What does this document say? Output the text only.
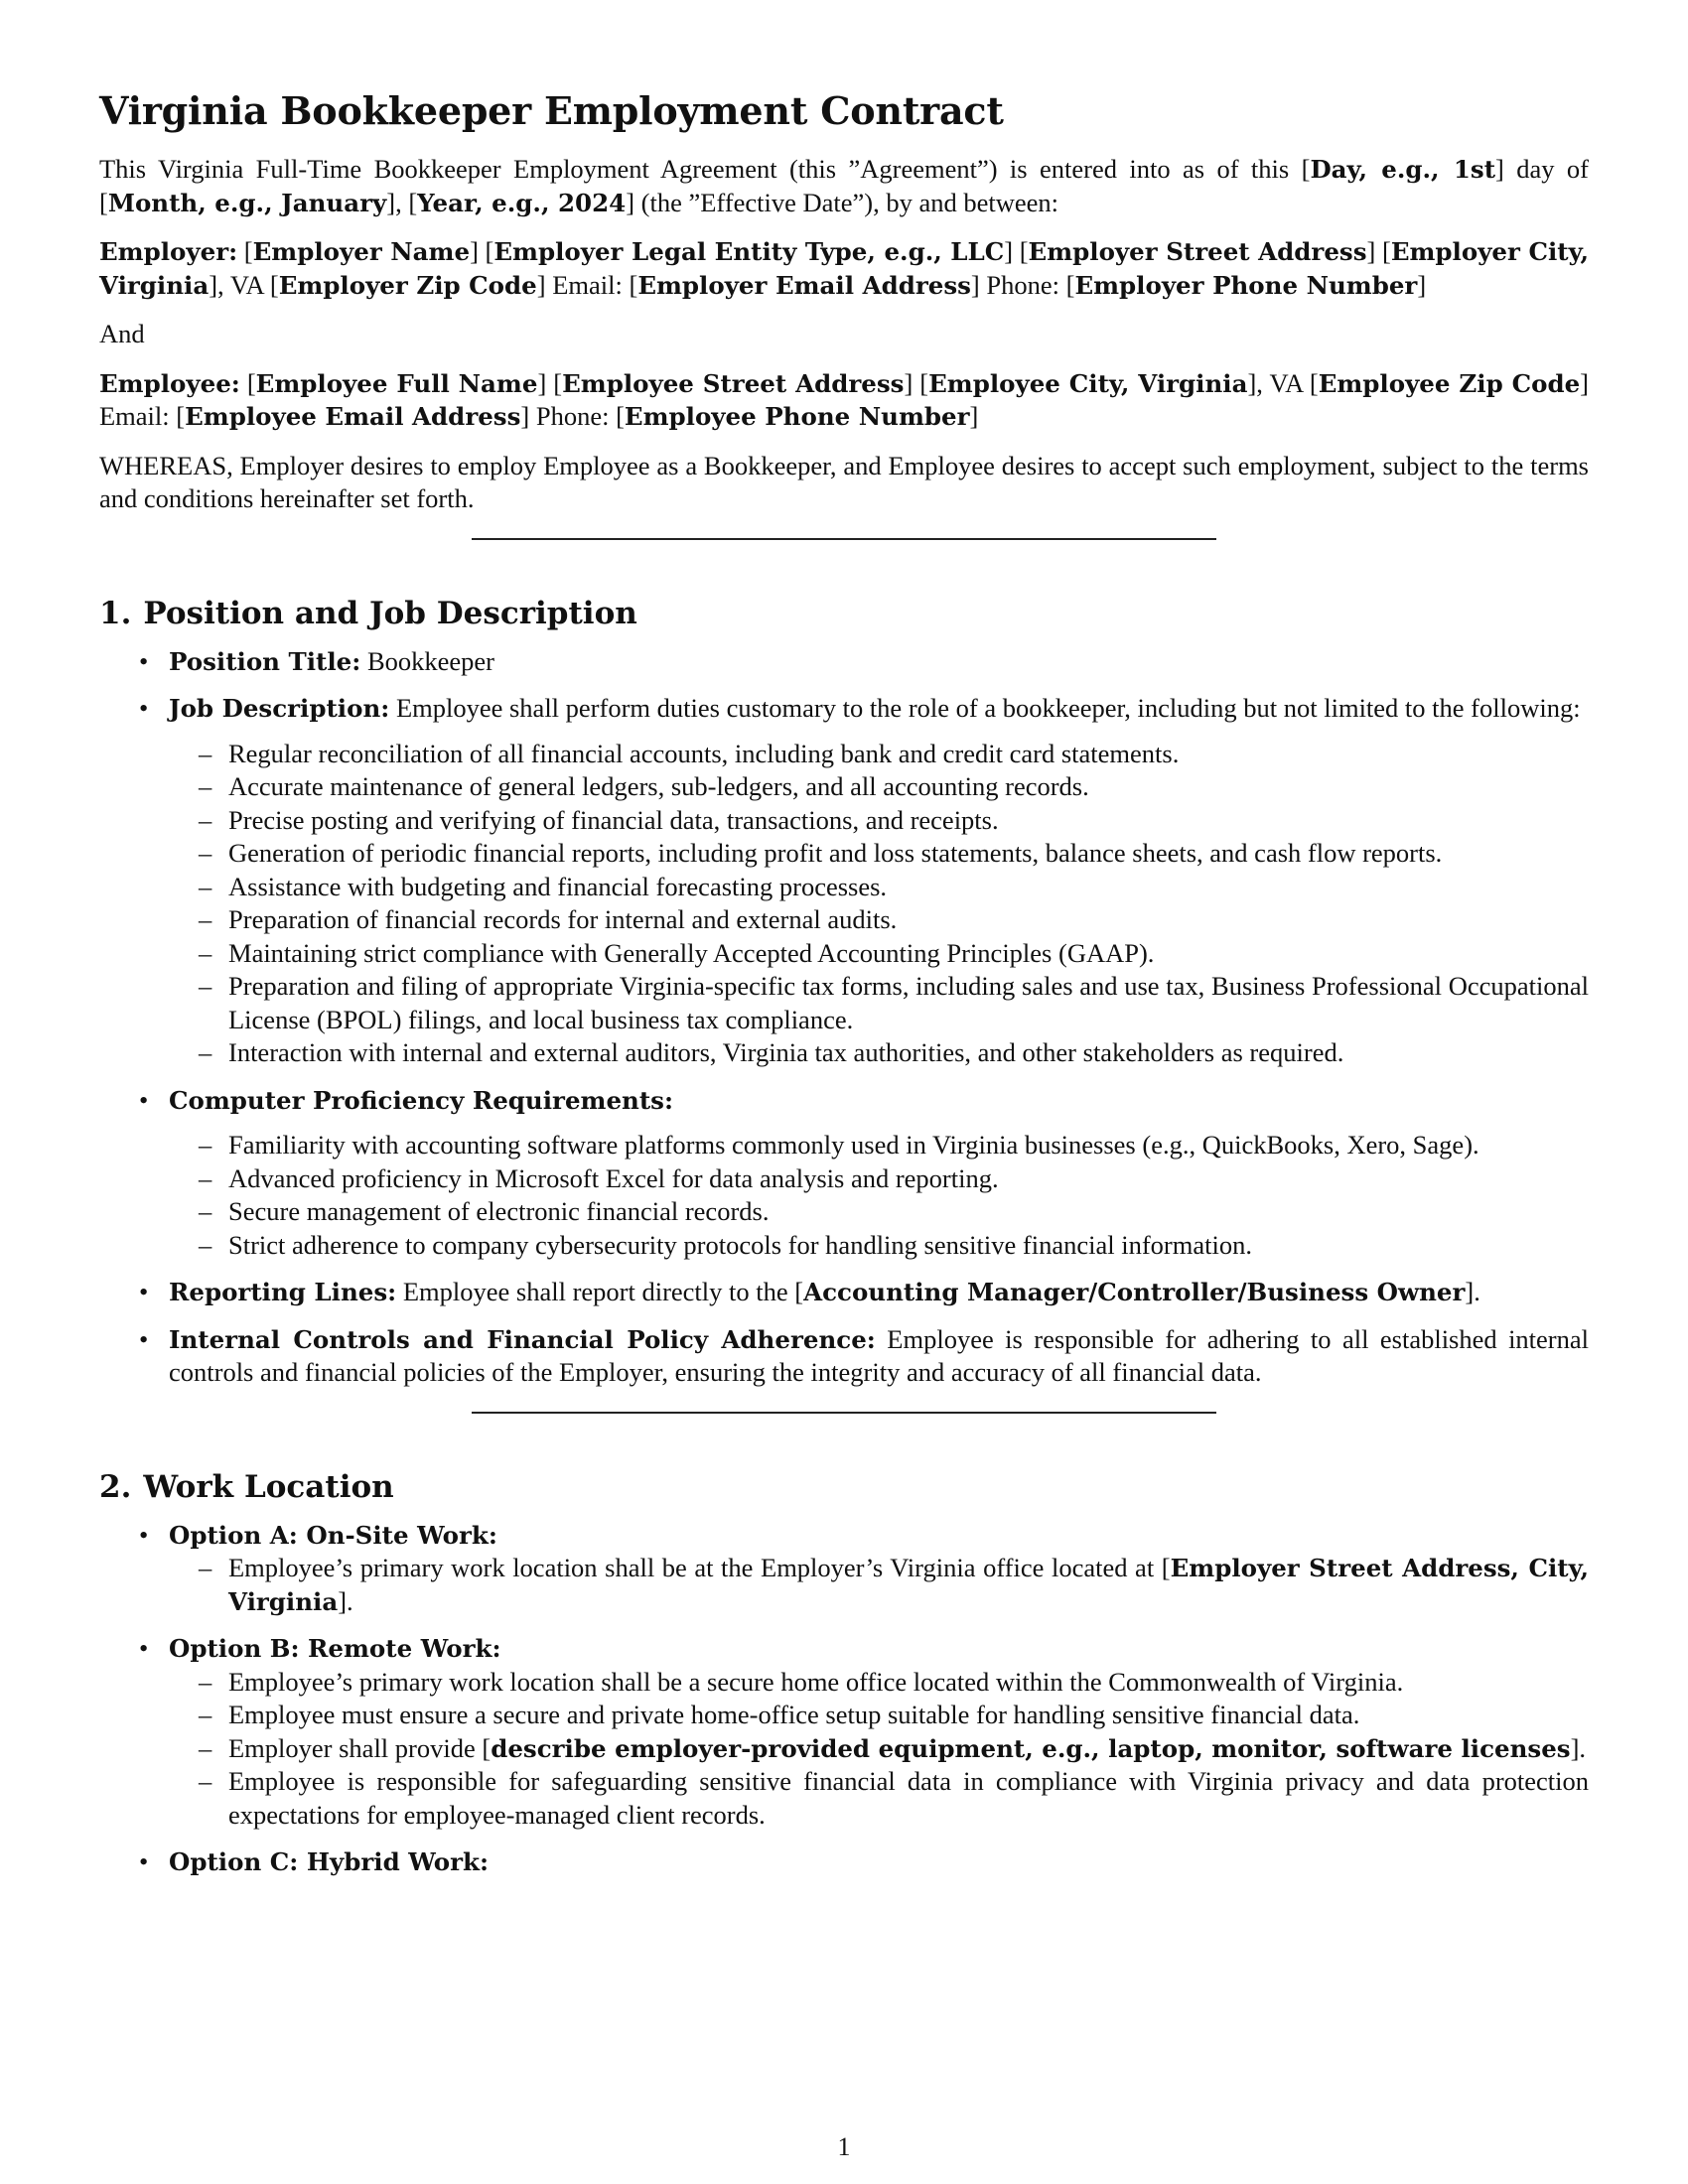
Virginia Bookkeeper Employment Contract

This Virginia Full-Time Bookkeeper Employment Agreement (this ”Agreement”) is entered into as of this [Day, e.g., 1st] day of [Month, e.g., January], [Year, e.g., 2024] (the ”Effective Date”), by and between:

Employer: [Employer Name] [Employer Legal Entity Type, e.g., LLC] [Employer Street Address] [Employer City, Virginia], VA [Employer Zip Code] Email: [Employer Email Address] Phone: [Employer Phone Number]

And

Employee: [Employee Full Name] [Employee Street Address] [Employee City, Virginia], VA [Employee Zip Code] Email: [Employee Email Address] Phone: [Employee Phone Number]

WHEREAS, Employer desires to employ Employee as a Bookkeeper, and Employee desires to accept such employment, subject to the terms and conditions hereinafter set forth.

1. Position and Job Description
• Position Title: Bookkeeper
• Job Description: Employee shall perform duties customary to the role of a bookkeeper, including but not limited to the following:
– Regular reconciliation of all financial accounts, including bank and credit card statements.
– Accurate maintenance of general ledgers, sub-ledgers, and all accounting records.
– Precise posting and verifying of financial data, transactions, and receipts.
– Generation of periodic financial reports, including profit and loss statements, balance sheets, and cash flow reports.
– Assistance with budgeting and financial forecasting processes.
– Preparation of financial records for internal and external audits.
– Maintaining strict compliance with Generally Accepted Accounting Principles (GAAP).
– Preparation and filing of appropriate Virginia-specific tax forms, including sales and use tax, Business Professional Occupational License (BPOL) filings, and local business tax compliance.
– Interaction with internal and external auditors, Virginia tax authorities, and other stakeholders as required.
• Computer Proficiency Requirements:
– Familiarity with accounting software platforms commonly used in Virginia businesses (e.g., QuickBooks, Xero, Sage).
– Advanced proficiency in Microsoft Excel for data analysis and reporting.
– Secure management of electronic financial records.
– Strict adherence to company cybersecurity protocols for handling sensitive financial information.
• Reporting Lines: Employee shall report directly to the [Accounting Manager/Controller/Business Owner].
• Internal Controls and Financial Policy Adherence: Employee is responsible for adhering to all established internal controls and financial policies of the Employer, ensuring the integrity and accuracy of all financial data.
2. Work Location
• Option A: On-Site Work:
– Employee’s primary work location shall be at the Employer’s Virginia office located at [Employer Street Address, City, Virginia].
• Option B: Remote Work:
– Employee’s primary work location shall be a secure home office located within the Commonwealth of Virginia.
– Employee must ensure a secure and private home-office setup suitable for handling sensitive financial data.
– Employer shall provide [describe employer-provided equipment, e.g., laptop, monitor, software licenses].
– Employee is responsible for safeguarding sensitive financial data in compliance with Virginia privacy and data protection expectations for employee-managed client records.
• Option C: Hybrid Work:
1
